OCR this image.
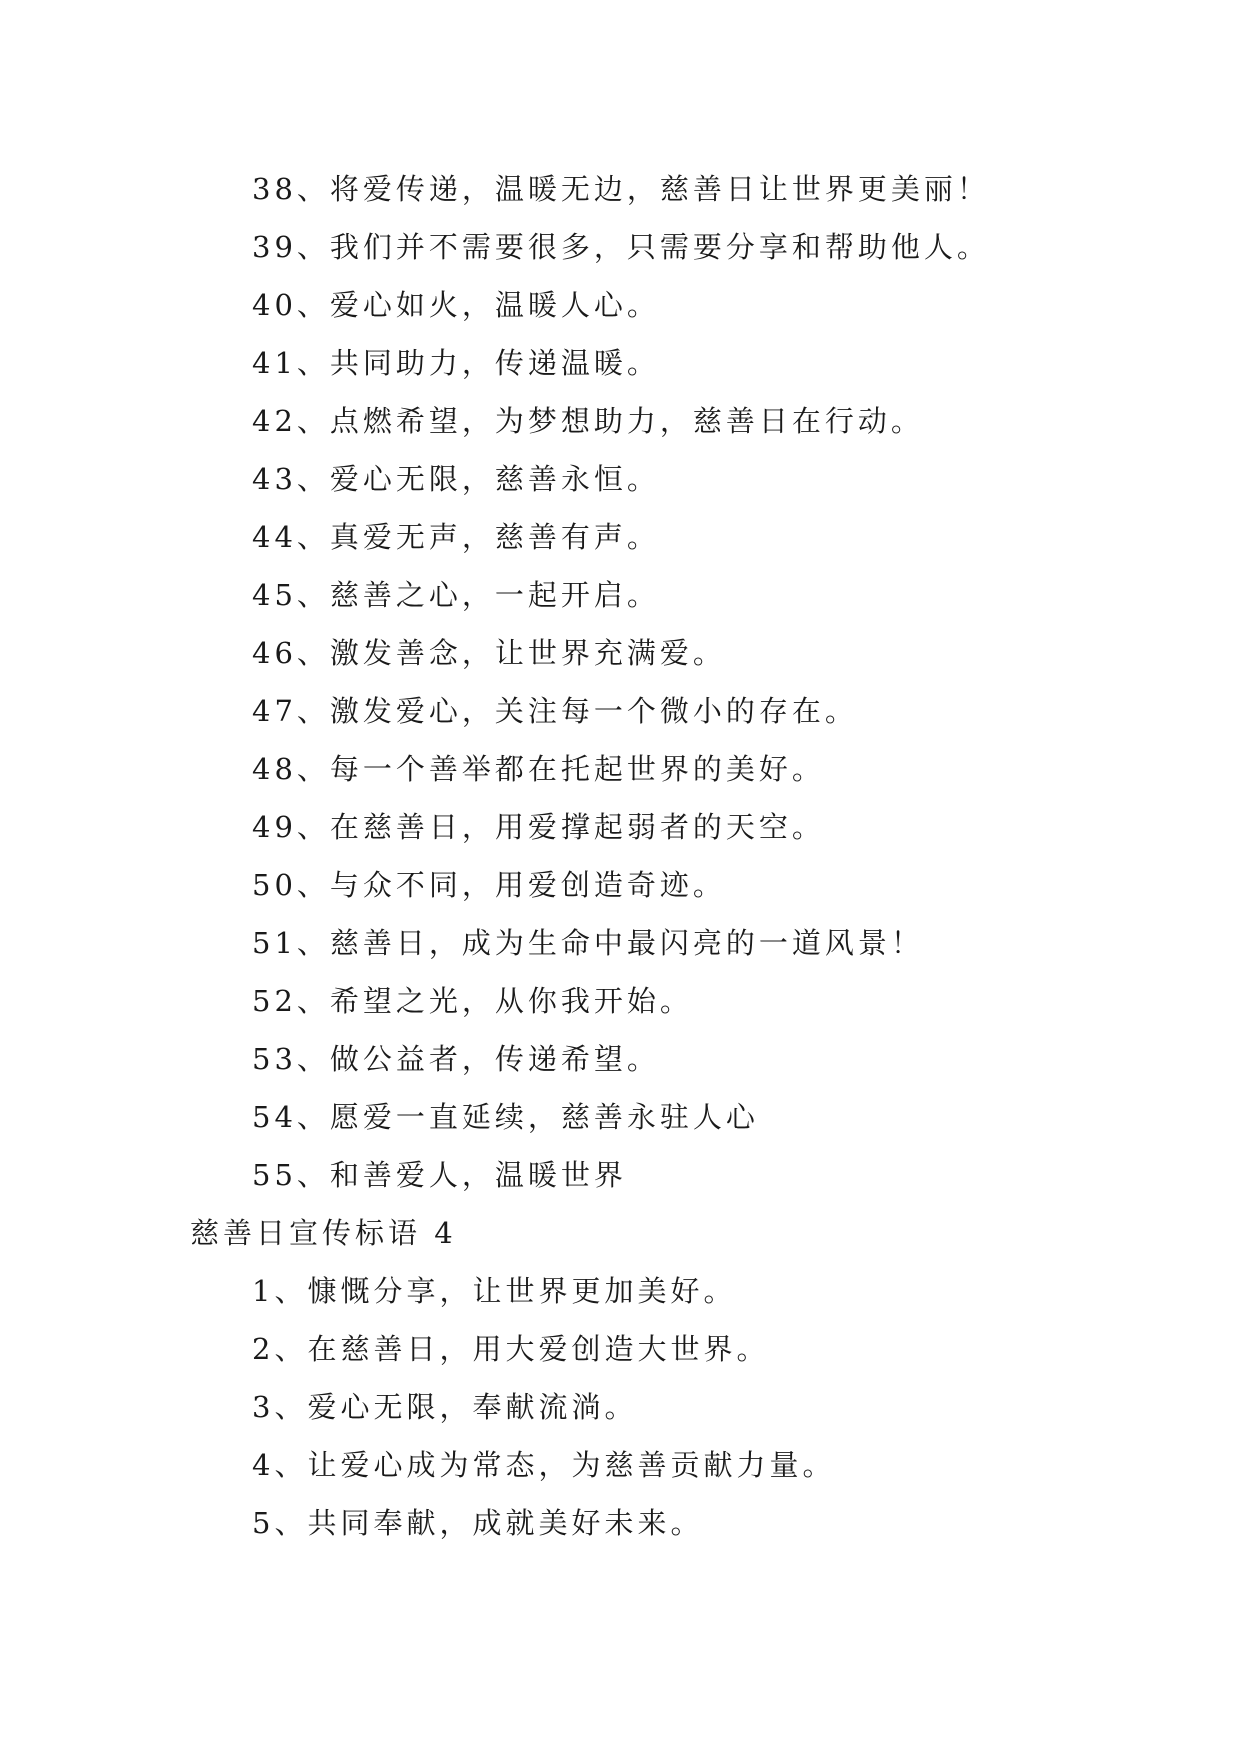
38、将爱传递，温暖无边，慈善日让世界更美丽！
39、我们并不需要很多，只需要分享和帮助他人。
40、爱心如火，温暖人心。
41、共同助力，传递温暖。
42、点燃希望，为梦想助力，慈善日在行动。
43、爱心无限，慈善永恒。
44、真爱无声，慈善有声。
45、慈善之心，一起开启。
46、激发善念，让世界充满爱。
47、激发爱心，关注每一个微小的存在。
48、每一个善举都在托起世界的美好。
49、在慈善日，用爱撑起弱者的天空。
50、与众不同，用爱创造奇迹。
51、慈善日，成为生命中最闪亮的一道风景！
52、希望之光，从你我开始。
53、做公益者，传递希望。
54、愿爱一直延续，慈善永驻人心
55、和善爱人，温暖世界
慈善日宣传标语 4
1、慷慨分享，让世界更加美好。
2、在慈善日，用大爱创造大世界。
3、爱心无限，奉献流淌。
4、让爱心成为常态，为慈善贡献力量。
5、共同奉献，成就美好未来。
